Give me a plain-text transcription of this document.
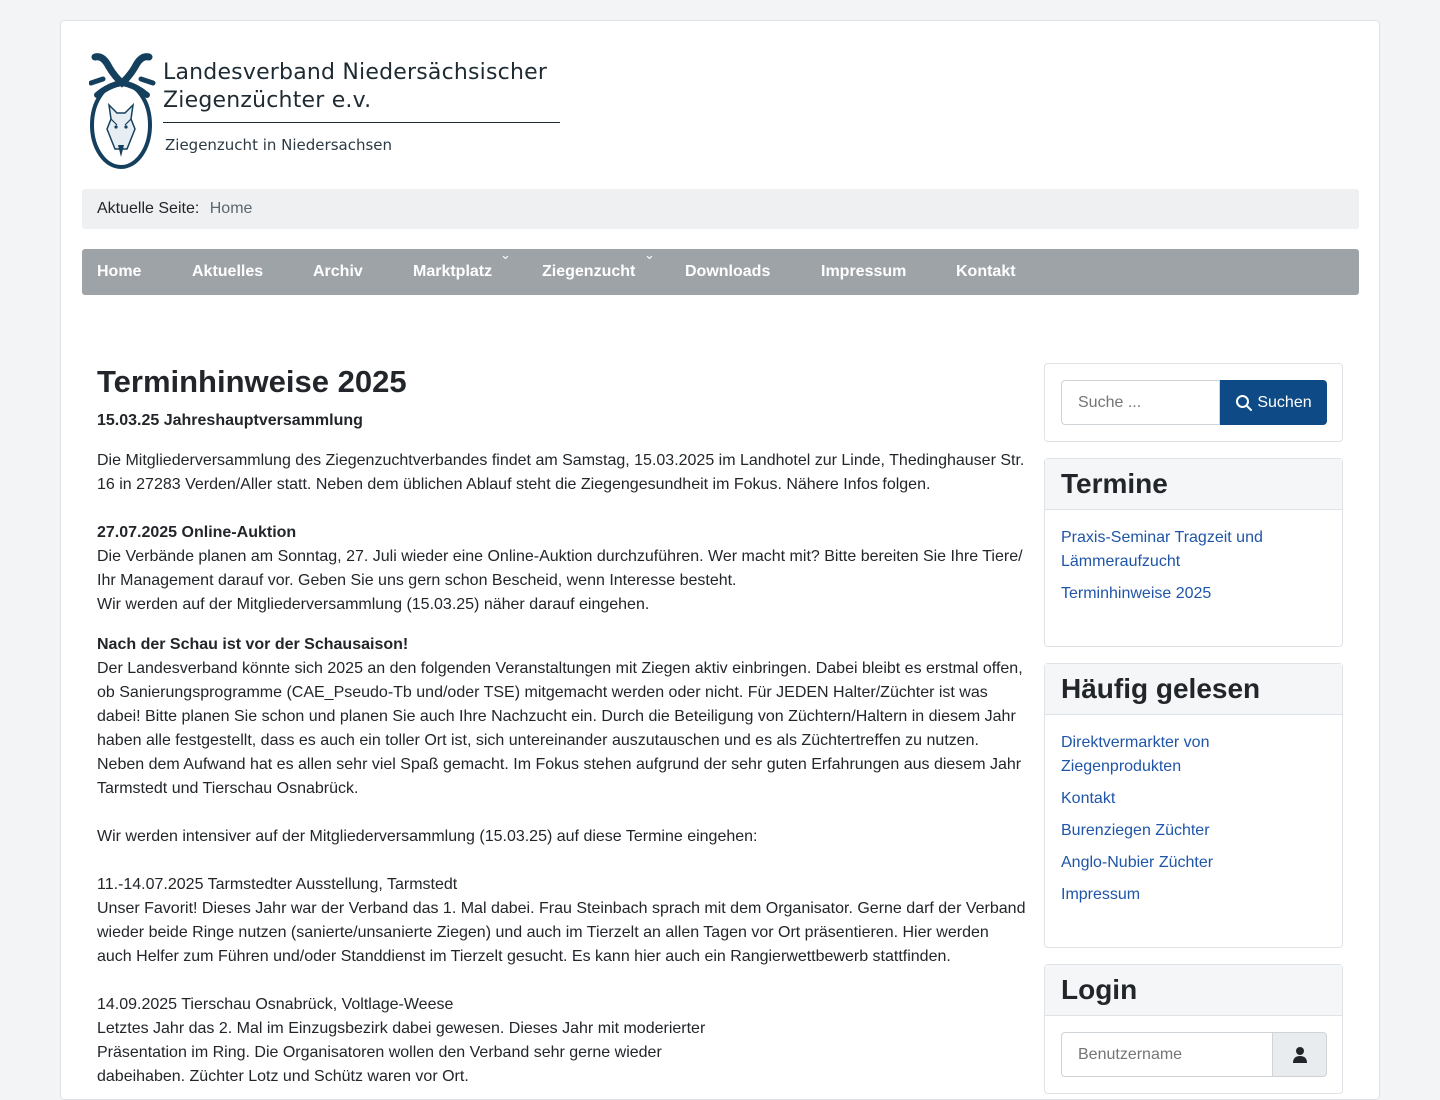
Landesverband Niedersächsischer
Ziegenzüchter e.v.
Ziegenzucht in Niedersachsen
Aktuelle Seite: Home
Home	Aktuelles	Archiv	Marktplatz
⌄
Ziegenzucht
⌄
Downloads	Impressum	Kontakt
Terminhinweise 2025

15.03.25 Jahreshauptversammlung

Die Mitgliederversammlung des Ziegenzuchtverbandes findet am Samstag, 15.03.2025 im Landhotel zur Linde, Thedinghauser Str. 16 in 27283 Verden/Aller statt. Neben dem üblichen Ablauf steht die Ziegengesundheit im Fokus. Nähere Infos folgen.

27.07.2025 Online-Auktion

Die Verbände planen am Sonntag, 27. Juli wieder eine Online-Auktion durchzuführen. Wer macht mit? Bitte bereiten Sie Ihre Tiere/ Ihr Management darauf vor. Geben Sie uns gern schon Bescheid, wenn Interesse besteht.

Wir werden auf der Mitgliederversammlung (15.03.25) näher darauf eingehen.

Nach der Schau ist vor der Schausaison!

Der Landesverband könnte sich 2025 an den folgenden Veranstaltungen mit Ziegen aktiv einbringen. Dabei bleibt es erstmal offen, ob Sanierungsprogramme (CAE_Pseudo-Tb und/oder TSE) mitgemacht werden oder nicht. Für JEDEN Halter/Züchter ist was dabei! Bitte planen Sie schon und planen Sie auch Ihre Nachzucht ein. Durch die Beteiligung von Züchtern/Haltern in diesem Jahr haben alle festgestellt, dass es auch ein toller Ort ist, sich untereinander auszutauschen und es als Züchtertreffen zu nutzen. Neben dem Aufwand hat es allen sehr viel Spaß gemacht. Im Fokus stehen aufgrund der sehr guten Erfahrungen aus diesem Jahr Tarmstedt und Tierschau Osnabrück.

Wir werden intensiver auf der Mitgliederversammlung (15.03.25) auf diese Termine eingehen:

11.-14.07.2025 Tarmstedter Ausstellung, Tarmstedt

Unser Favorit! Dieses Jahr war der Verband das 1. Mal dabei. Frau Steinbach sprach mit dem Organisator. Gerne darf der Verband wieder beide Ringe nutzen (sanierte/unsanierte Ziegen) und auch im Tierzelt an allen Tagen vor Ort präsentieren. Hier werden auch Helfer zum Führen und/oder Standdienst im Tierzelt gesucht. Es kann hier auch ein Rangierwettbewerb stattfinden.

14.09.2025 Tierschau Osnabrück, Voltlage-Weese

Letztes Jahr das 2. Mal im Einzugsbezirk dabei gewesen. Dieses Jahr mit moderierter

Präsentation im Ring. Die Organisatoren wollen den Verband sehr gerne wieder

dabeihaben. Züchter Lotz und Schütz waren vor Ort.

Suche ...
Suchen
Termine
Praxis-Seminar Tragzeit und Lämmeraufzucht
Terminhinweise 2025
Häufig gelesen
Direktvermarkter von Ziegenprodukten
Kontakt
Burenziegen Züchter
Anglo-Nubier Züchter
Impressum
Login
Benutzername
